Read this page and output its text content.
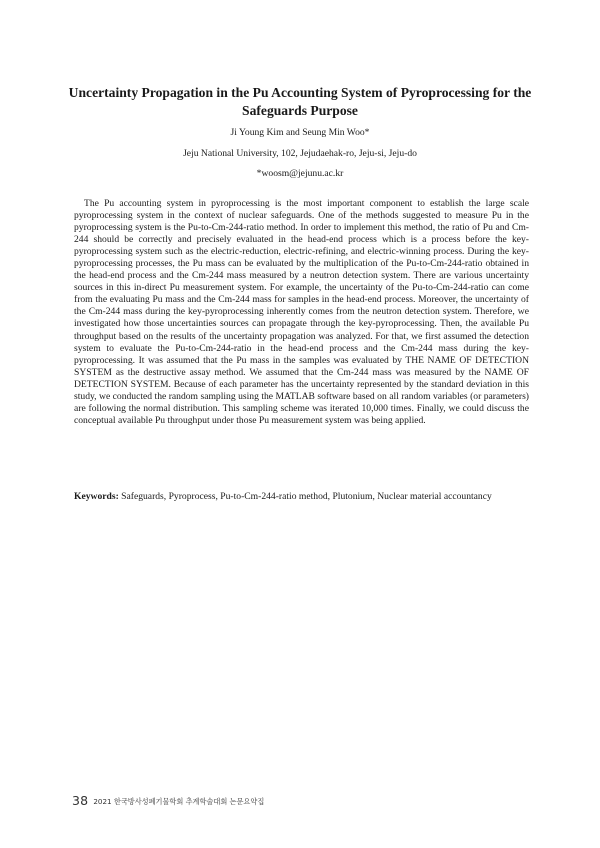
Uncertainty Propagation in the Pu Accounting System of Pyroprocessing for the Safeguards Purpose

Ji Young Kim and Seung Min Woo*

Jeju National University, 102, Jejudaehak-ro, Jeju-si, Jeju-do

*woosm@jejunu.ac.kr

The Pu accounting system in pyroprocessing is the most important component to establish the large scale pyroprocessing system in the context of nuclear safeguards. One of the methods suggested to measure Pu in the pyroprocessing system is the Pu-to-Cm-244-ratio method. In order to implement this method, the ratio of Pu and Cm-244 should be correctly and precisely evaluated in the head-end process which is a process before the key-pyroprocessing system such as the electric-reduction, electric-refining, and electric-winning process. During the key-pyroprocessing processes, the Pu mass can be evaluated by the multiplication of the Pu-to-Cm-244-ratio obtained in the head-end process and the Cm-244 mass measured by a neutron detection system. There are various uncertainty sources in this in-direct Pu measurement system. For example, the uncertainty of the Pu-to-Cm-244-ratio can come from the evaluating Pu mass and the Cm-244 mass for samples in the head-end process. Moreover, the uncertainty of the Cm-244 mass during the key-pyroprocessing inherently comes from the neutron detection system. Therefore, we investigated how those uncertainties sources can propagate through the key-pyroprocessing. Then, the available Pu throughput based on the results of the uncertainty propagation was analyzed. For that, we first assumed the detection system to evaluate the Pu-to-Cm-244-ratio in the head-end process and the Cm-244 mass during the key-pyroprocessing. It was assumed that the Pu mass in the samples was evaluated by THE NAME OF DETECTION SYSTEM as the destructive assay method. We assumed that the Cm-244 mass was measured by the NAME OF DETECTION SYSTEM. Because of each parameter has the uncertainty represented by the standard deviation in this study, we conducted the random sampling using the MATLAB software based on all random variables (or parameters) are following the normal distribution. This sampling scheme was iterated 10,000 times. Finally, we could discuss the conceptual available Pu throughput under those Pu measurement system was being applied.

Keywords: Safeguards, Pyroprocess, Pu-to-Cm-244-ratio method, Plutonium, Nuclear material accountancy

38 2021 한국방사성폐기물학회 추계학술대회 논문요약집
